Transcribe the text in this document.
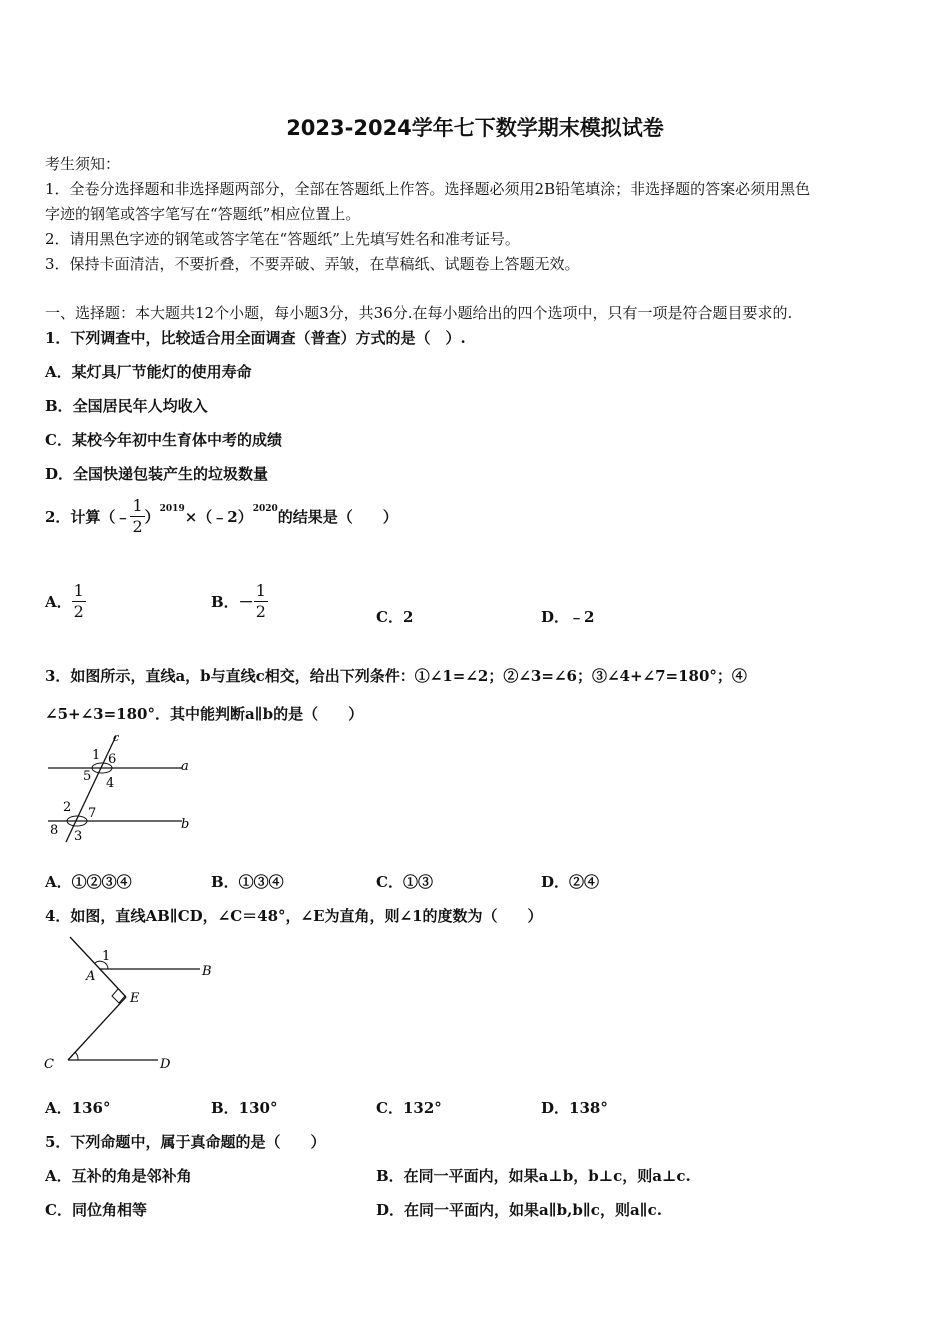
2023-2024学年七下数学期末模拟试卷
考生须知：
1．全卷分选择题和非选择题两部分，全部在答题纸上作答。选择题必须用2B铅笔填涂；非选择题的答案必须用黑色
字迹的钢笔或答字笔写在“答题纸”相应位置上。
2．请用黑色字迹的钢笔或答字笔在“答题纸”上先填写姓名和准考证号。
3．保持卡面清洁，不要折叠，不要弄破、弄皱，在草稿纸、试题卷上答题无效。
一、选择题：本大题共12个小题，每小题3分，共36分.在每小题给出的四个选项中，只有一项是符合题目要求的.
1．下列调查中，比较适合用全面调查（普查）方式的是（　）.
A．某灯具厂节能灯的使用寿命
B．全国居民年人均收入
C．某校今年初中生育体中考的成绩
D．全国快递包装产生的垃圾数量
2．计算（﹣ $\frac{1}{2} )^{2019}$ ×（﹣2）$^{2020}$ 的结果是（　　）
A． $\frac{1}{2}$	B．－ $\frac{1}{2}$	C．2	D．﹣2
3．如图所示，直线a，b与直线c相交，给出下列条件：①∠1=∠2；②∠3=∠6；③∠4+∠7=180°；④
∠5+∠3=180°．其中能判断a∥b的是（　　）
c
a
b
1 6
5 4
2 7
8 3
A．①②③④	B．①③④	C．①③	D．②④
4．如图，直线AB∥CD，∠C＝48°，∠E为直角，则∠1的度数为（　　）
1
A	B
E
C	D
A．136°	B．130°	C．132°	D．138°
5．下列命题中，属于真命题的是（　　）
A．互补的角是邻补角	B．在同一平面内，如果a⊥b，b⊥c，则a⊥c.
C．同位角相等	D．在同一平面内，如果a∥b,b∥c，则a∥c.
